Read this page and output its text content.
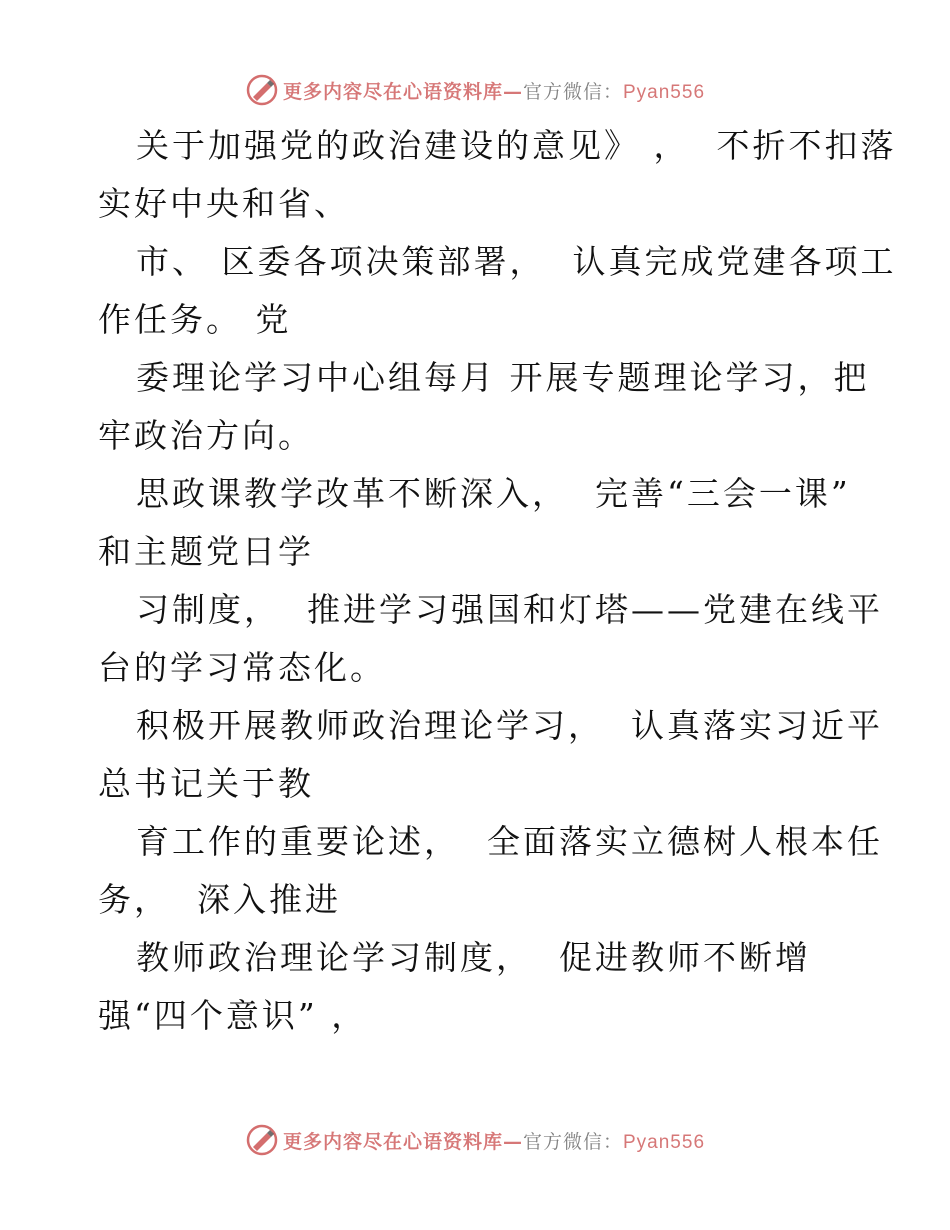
更多内容尽在心语资料库—官方微信：Pyan556
关于加强党的政治建设的意见》 ，  不折不扣落
实好中央和省、
市、 区委各项决策部署，  认真完成党建各项工
作任务。 党
委理论学习中心组每月 开展专题理论学习，把
牢政治方向。
思政课教学改革不断深入，  完善“三会一课”
和主题党日学
习制度，  推进学习强国和灯塔——党建在线平
台的学习常态化。
积极开展教师政治理论学习，  认真落实习近平
总书记关于教
育工作的重要论述，  全面落实立德树人根本任
务，  深入推进
教师政治理论学习制度，  促进教师不断增
强“四个意识” ，
更多内容尽在心语资料库—官方微信：Pyan556
